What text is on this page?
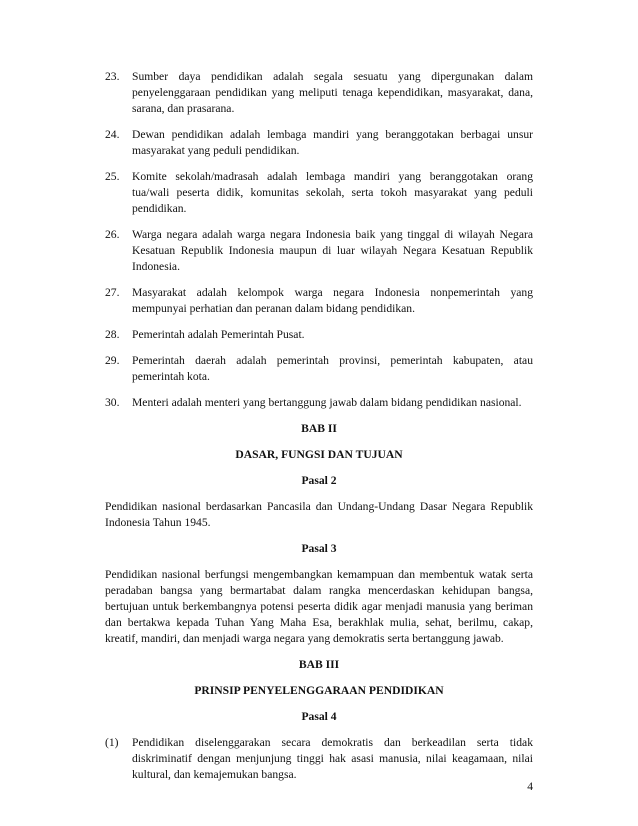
23.	Sumber daya pendidikan adalah segala sesuatu yang dipergunakan dalam penyelenggaraan pendidikan yang meliputi tenaga kependidikan, masyarakat, dana, sarana, dan prasarana.
24.	Dewan pendidikan adalah lembaga mandiri yang beranggotakan berbagai unsur masyarakat yang peduli pendidikan.
25.	Komite sekolah/madrasah adalah lembaga mandiri yang beranggotakan orang tua/wali peserta didik, komunitas sekolah, serta tokoh masyarakat yang peduli pendidikan.
26.	Warga negara adalah warga negara Indonesia baik yang tinggal di wilayah Negara Kesatuan Republik Indonesia maupun di luar wilayah Negara Kesatuan Republik Indonesia.
27.	Masyarakat adalah kelompok warga negara Indonesia nonpemerintah yang mempunyai perhatian dan peranan dalam bidang pendidikan.
28.	Pemerintah adalah Pemerintah Pusat.
29.	Pemerintah daerah adalah pemerintah provinsi, pemerintah kabupaten, atau pemerintah kota.
30.	Menteri adalah menteri yang bertanggung jawab dalam bidang pendidikan nasional.
BAB II
DASAR, FUNGSI DAN TUJUAN
Pasal 2
Pendidikan nasional berdasarkan Pancasila dan Undang-Undang Dasar Negara Republik Indonesia Tahun 1945.
Pasal 3
Pendidikan nasional berfungsi mengembangkan kemampuan dan membentuk watak serta peradaban bangsa yang bermartabat dalam rangka mencerdaskan kehidupan bangsa, bertujuan untuk berkembangnya potensi peserta didik agar menjadi manusia yang beriman dan bertakwa kepada Tuhan Yang Maha Esa, berakhlak mulia, sehat, berilmu, cakap, kreatif, mandiri, dan menjadi warga negara yang demokratis serta bertanggung jawab.
BAB III
PRINSIP PENYELENGGARAAN PENDIDIKAN
Pasal 4
(1)	Pendidikan diselenggarakan secara demokratis dan berkeadilan serta tidak diskriminatif dengan menjunjung tinggi hak asasi manusia, nilai keagamaan, nilai kultural, dan kemajemukan bangsa.
4
